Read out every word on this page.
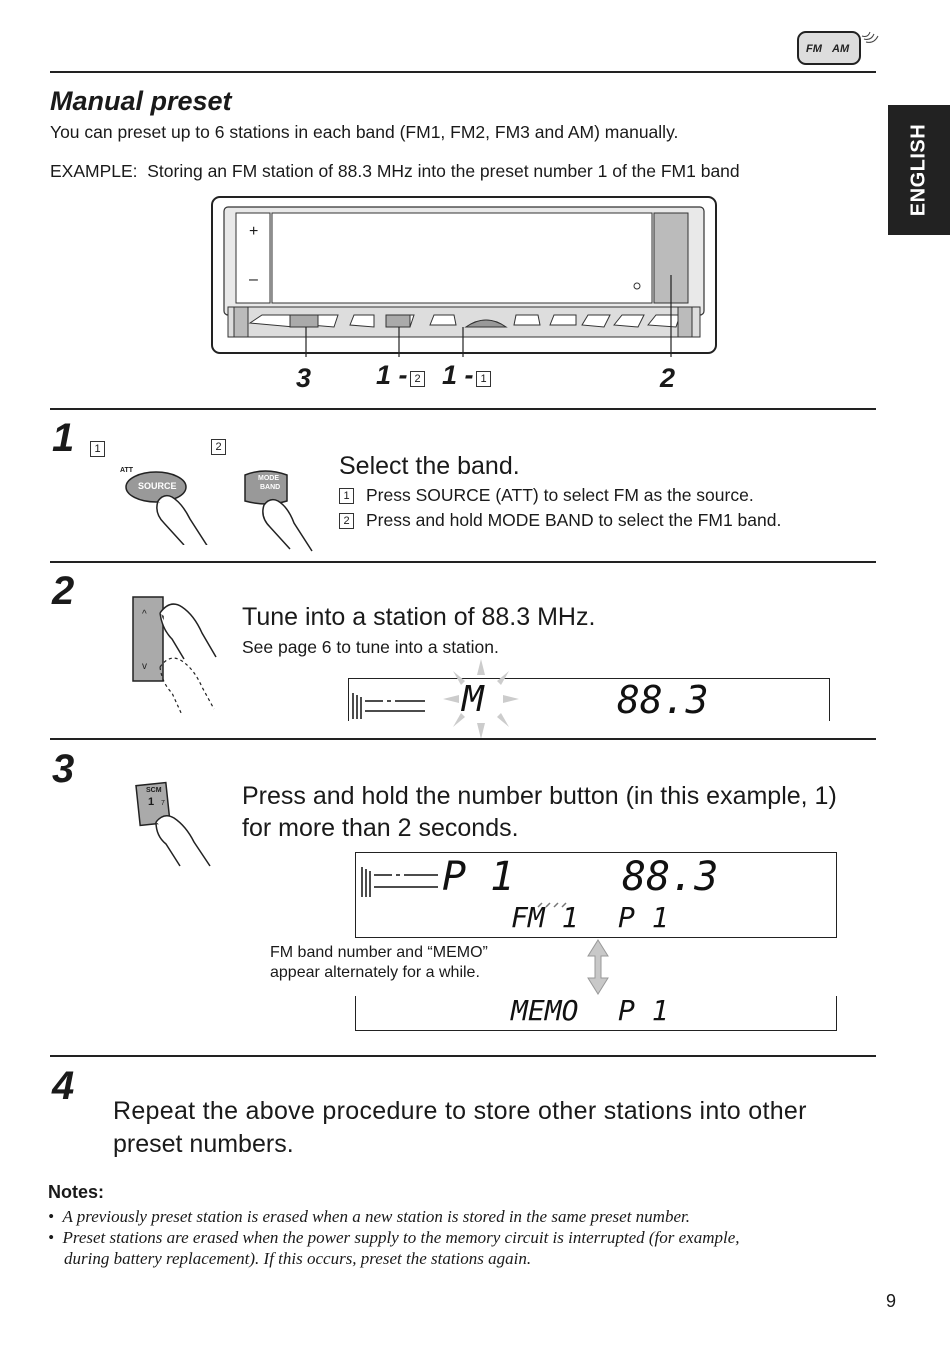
FM AM
ENGLISH
Manual preset
You can preset up to 6 stations in each band (FM1, FM2, FM3 and AM) manually.
EXAMPLE:  Storing an FM station of 88.3 MHz into the preset number 1 of the FM1 band
+
–
3 1 - 2 1 - 1	2
1	1	2
ATT
SOURCE
MODE
BAND
Select the band.
1 Press SOURCE (ATT) to select FM as the source.
2 Press and hold MODE BAND to select the FM1 band.
2
^
v
Tune into a station of 88.3 MHz.
See page 6 to tune into a station.
M	88.3
3	SCM
1 7	Press and hold the number button (in this example, 1)
for more than 2 seconds.
P 1	88.3
FM 1 P 1
FM band number and “MEMO”
appear alternately for a while.
MEMO P 1
4
Repeat the above procedure to store other stations into other
preset numbers.
Notes:
•  A previously preset station is erased when a new station is stored in the same preset number.
•  Preset stations are erased when the power supply to the memory circuit is interrupted (for example,
during battery replacement). If this occurs, preset the stations again.
9
